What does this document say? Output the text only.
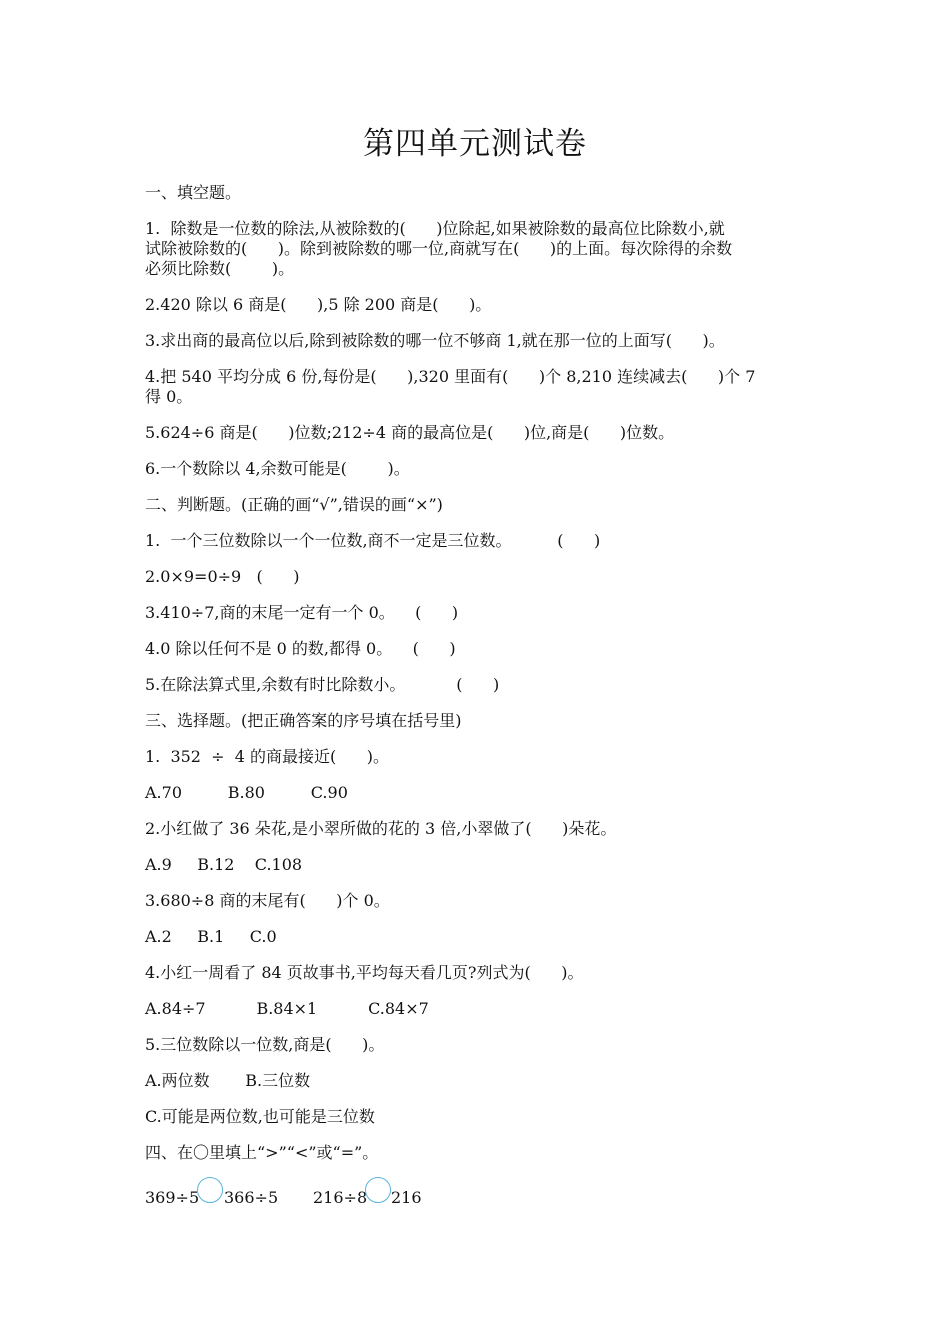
第四单元测试卷
一、填空题。
1.  除数是一位数的除法,从被除数的(      )位除起,如果被除数的最高位比除数小,就
试除被除数的(      )。除到被除数的哪一位,商就写在(      )的上面。每次除得的余数
必须比除数(        )。
2.420 除以 6 商是(      ),5 除 200 商是(      )。
3.求出商的最高位以后,除到被除数的哪一位不够商 1,就在那一位的上面写(      )。
4.把 540 平均分成 6 份,每份是(      ),320 里面有(      )个 8,210 连续减去(      )个 7
得 0。
5.624÷6 商是(      )位数;212÷4 商的最高位是(      )位,商是(      )位数。
6.一个数除以 4,余数可能是(        )。
二、判断题。(正确的画“√”,错误的画“×”)
1.  一个三位数除以一个一位数,商不一定是三位数。         (      )
2.0×9=0÷9   (      )
3.410÷7,商的末尾一定有一个 0。    (      )
4.0 除以任何不是 0 的数,都得 0。    (      )
5.在除法算式里,余数有时比除数小。          (      )
三、选择题。(把正确答案的序号填在括号里)
1.  352  ÷  4 的商最接近(      )。
A.70         B.80         C.90
2.小红做了 36 朵花,是小翠所做的花的 3 倍,小翠做了(      )朵花。
A.9     B.12    C.108
3.680÷8 商的末尾有(      )个 0。
A.2     B.1     C.0
4.小红一周看了 84 页故事书,平均每天看几页?列式为(      )。
A.84÷7          B.84×1          C.84×7
5.三位数除以一位数,商是(      )。
A.两位数       B.三位数
C.可能是两位数,也可能是三位数
四、在〇里填上“>”“<”或“=”。
369÷5 366÷5 216÷8 216
